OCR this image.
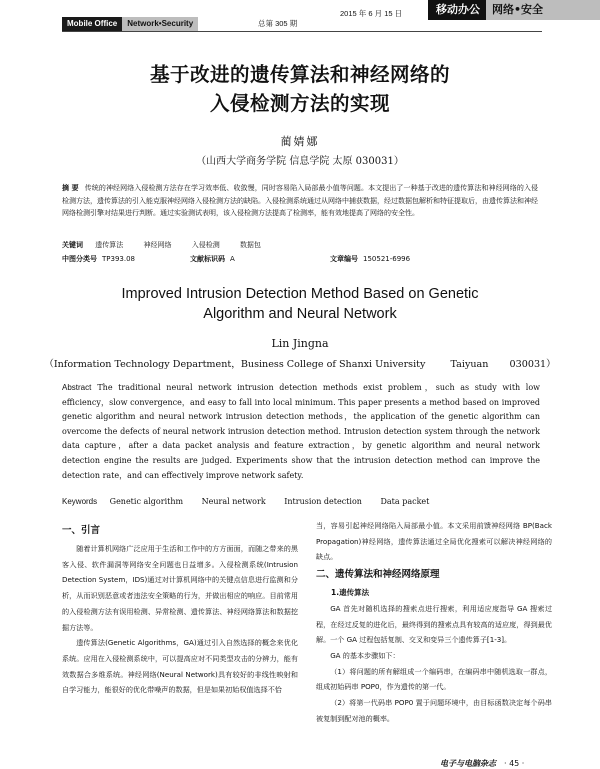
Mobile Office	Network•Security	总第 305 期
2015 年 6 月 15 日	移动办公	网络•安全
基于改进的遗传算法和神经网络的
入侵检测方法的实现
蔺婧娜
（山西大学商务学院 信息学院 太原 030031）
摘 要 传统的神经网络入侵检测方法存在学习效率低、收敛慢，同时容易陷入局部最小值等问题。本文提出了一种基于改进的遗传算法和神经网络的入侵检测方法，遗传算法的引入能克服神经网络入侵检测方法的缺陷。入侵检测系统通过从网络中捕获数据，经过数据包解析和特征提取后，由遗传算法和神经网络检测引擎对结果进行判断。通过实验测试表明，该入侵检测方法提高了检测率，能有效地提高了网络的安全性。
关键词 遗传算法	神经网络	入侵检测	数据包
中图分类号 TP393.08	文献标识码 A	文章编号 150521-6996
Improved Intrusion Detection Method Based on Genetic
Algorithm and Neural Network
Lin Jingna
（Information Technology Department，Business College of Shanxi University	Taiyuan 030031）
Abstract The traditional neural network intrusion detection methods exist problem，such as study with low efficiency，slow convergence，and easy to fall into local minimum. This paper presents a method based on improved genetic algorithm and neural network intrusion detection methods，the application of the genetic algorithm can overcome the defects of neural network intrusion detection method. Intrusion detection system through the network data capture，after a data packet analysis and feature extraction，by genetic algorithm and neural network detection engine the results are judged. Experiments show that the intrusion detection method can improve the detection rate，and can effectively improve network safety.
Keywords Genetic algorithm Neural network Intrusion detection Data packet
一、引言

随着计算机网络广泛应用于生活和工作中的方方面面，而随之带来的黑客入侵、软件漏洞等网络安全问题也日益增多。入侵检测系统(Intrusion Detection System，IDS)通过对计算机网络中的关键点信息进行监测和分析，从而识别恶意或者违法安全策略的行为，并做出相应的响应。目前常用的入侵检测方法有误用检测、异常检测、遗传算法、神经网络算法和数据挖掘方法等。

遗传算法(Genetic Algorithms，GA)通过引入自然选择的概念来优化系统。应用在入侵检测系统中，可以提高应对不同类型攻击的分辨力，能有效数据合多维系统。神经网络(Neural Network)具有较好的非线性映射和自学习能力，能很好的优化带噪声的数据，但是如果初始权值选择不恰

当，容易引起神经网络陷入局部最小值。本文采用前馈神经网络 BP(Back Propagation)神经网络，遗传算法通过全局优化搜索可以解决神经网络的缺点。

二、遗传算法和神经网络原理
1.遗传算法

GA 首先对随机选择的搜索点进行搜索，利用适应度指导 GA 搜索过程，在经过反复的进化后，最终得到的搜索点具有较高的适应度，得到最优解。一个 GA 过程包括复制、交叉和变异三个遗传算子[1-3]。

GA 的基本步骤如下：

（1）将问题的所有解组成一个编码串，在编码串中随机选取一群点，组成初始码串 POP0，作为遗传的第一代。

（2）将第一代码串 POP0 置于问题环境中，由目标函数决定每个码串被复制到配对池的概率。

电子与电脑杂志 · 45 ·
